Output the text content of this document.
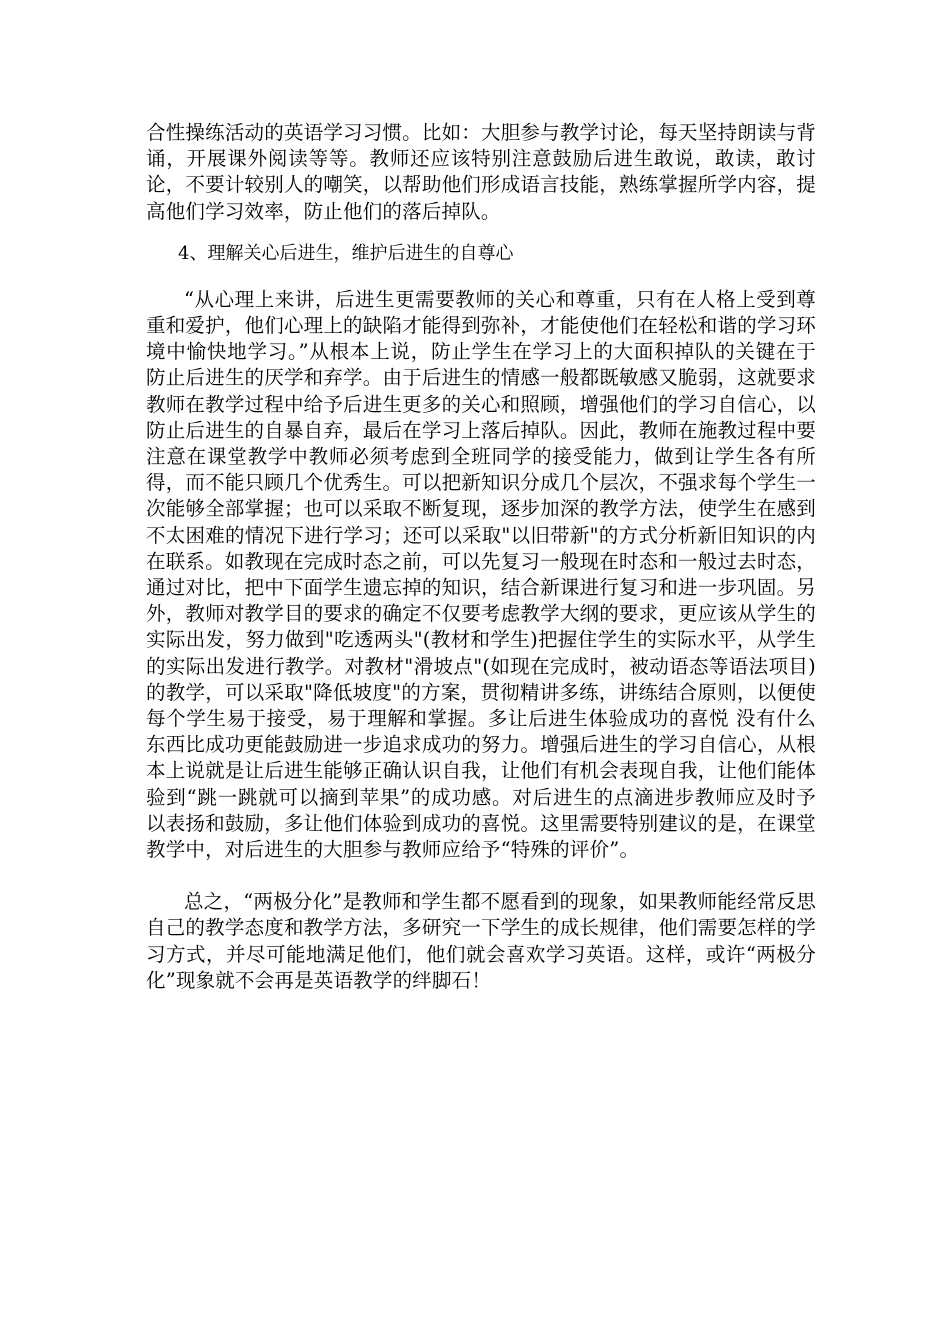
合性操练活动的英语学习习惯。比如：大胆参与教学讨论，每天坚持朗读与背诵，开展课外阅读等等。教师还应该特别注意鼓励后进生敢说，敢读，敢讨论，不要计较别人的嘲笑，以帮助他们形成语言技能，熟练掌握所学内容，提高他们学习效率，防止他们的落后掉队。

4、理解关心后进生，维护后进生的自尊心

“从心理上来讲，后进生更需要教师的关心和尊重，只有在人格上受到尊重和爱护，他们心理上的缺陷才能得到弥补，才能使他们在轻松和谐的学习环境中愉快地学习。”从根本上说，防止学生在学习上的大面积掉队的关键在于防止后进生的厌学和弃学。由于后进生的情感一般都既敏感又脆弱，这就要求教师在教学过程中给予后进生更多的关心和照顾，增强他们的学习自信心，以防止后进生的自暴自弃，最后在学习上落后掉队。因此，教师在施教过程中要注意在课堂教学中教师必须考虑到全班同学的接受能力，做到让学生各有所得，而不能只顾几个优秀生。可以把新知识分成几个层次，不强求每个学生一次能够全部掌握；也可以采取不断复现，逐步加深的教学方法，使学生在感到不太困难的情况下进行学习；还可以采取"以旧带新"的方式分析新旧知识的内在联系。如教现在完成时态之前，可以先复习一般现在时态和一般过去时态，通过对比，把中下面学生遗忘掉的知识，结合新课进行复习和进一步巩固。另外，教师对教学目的要求的确定不仅要考虑教学大纲的要求，更应该从学生的实际出发，努力做到"吃透两头"(教材和学生)把握住学生的实际水平，从学生的实际出发进行教学。对教材"滑坡点"(如现在完成时，被动语态等语法项目)的教学，可以采取"降低坡度"的方案，贯彻精讲多练，讲练结合原则，以便使每个学生易于接受，易于理解和掌握。多让后进生体验成功的喜悦 没有什么东西比成功更能鼓励进一步追求成功的努力。增强后进生的学习自信心，从根本上说就是让后进生能够正确认识自我，让他们有机会表现自我，让他们能体验到“跳一跳就可以摘到苹果”的成功感。对后进生的点滴进步教师应及时予以表扬和鼓励，多让他们体验到成功的喜悦。这里需要特别建议的是，在课堂教学中，对后进生的大胆参与教师应给予“特殊的评价”。

总之，“两极分化”是教师和学生都不愿看到的现象，如果教师能经常反思自己的教学态度和教学方法，多研究一下学生的成长规律，他们需要怎样的学习方式，并尽可能地满足他们，他们就会喜欢学习英语。这样，或许“两极分化”现象就不会再是英语教学的绊脚石！
